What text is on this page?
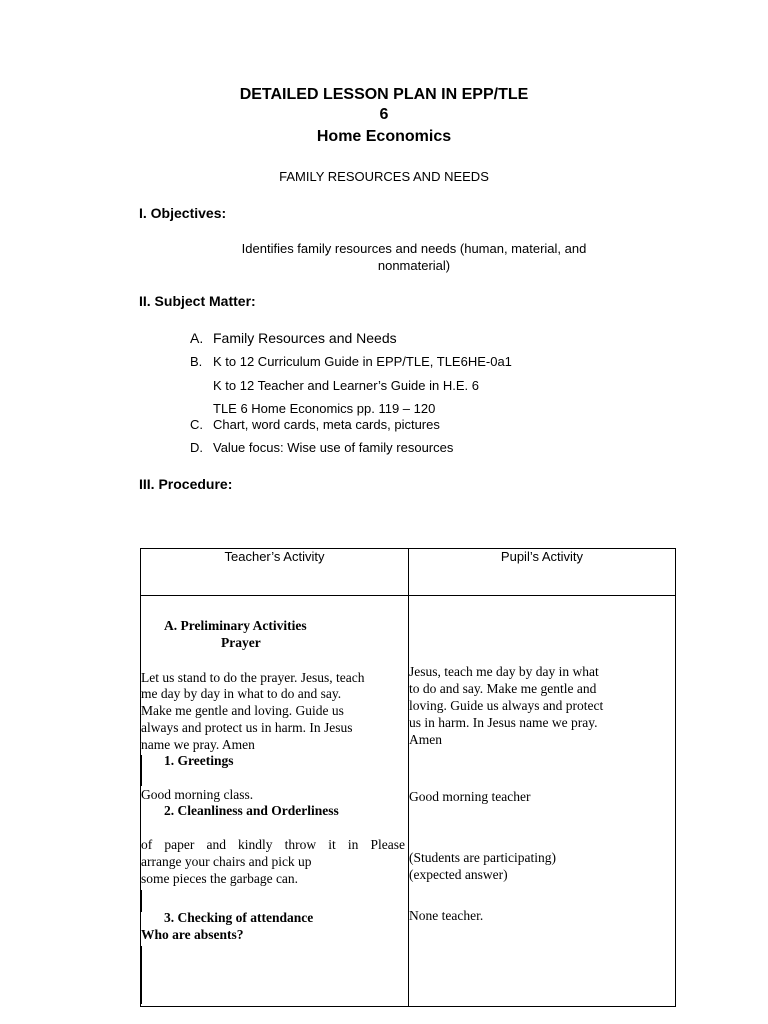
DETAILED LESSON PLAN IN EPP/TLE
6
Home Economics
FAMILY RESOURCES AND NEEDS
I. Objectives:
Identifies family resources and needs (human, material, and
nonmaterial)
II. Subject Matter:
A. Family Resources and Needs
B. K to 12 Curriculum Guide in EPP/TLE, TLE6HE-0a1
K to 12 Teacher and Learner’s Guide in H.E. 6
TLE 6 Home Economics pp. 119 – 120
C. Chart, word cards, meta cards, pictures
D. Value focus: Wise use of family resources
III. Procedure:
Teacher’s Activity	Pupil’s Activity
A. Preliminary Activities
Prayer
Let us stand to do the prayer. Jesus, teach
me day by day in what to do and say.
Make me gentle and loving. Guide us
always and protect us in harm. In Jesus
name we pray. Amen
1. Greetings
Good morning class.
2. Cleanliness and Orderliness
of paper and kindly throw it in Please
arrange your chairs and pick up
some pieces the garbage can.
3. Checking of attendance
Who are absents?
Jesus, teach me day by day in what
to do and say. Make me gentle and
loving. Guide us always and protect
us in harm. In Jesus name we pray.
Amen
Good morning teacher
(Students are participating)
(expected answer)
None teacher.
